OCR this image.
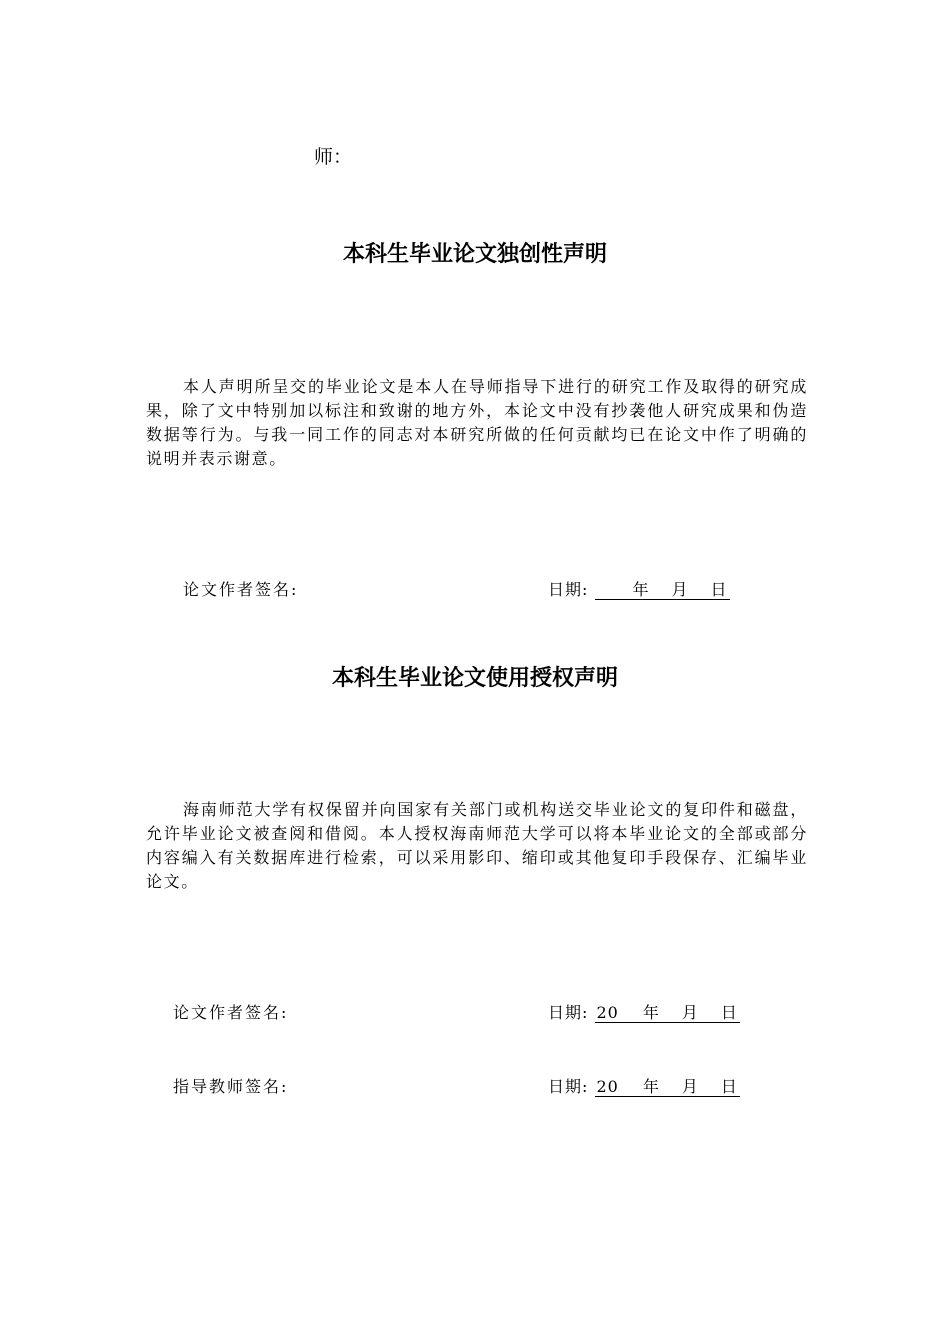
师：
本科生毕业论文独创性声明
本人声明所呈交的毕业论文是本人在导师指导下进行的研究工作及取得的研究成果，除了文中特别加以标注和致谢的地方外，本论文中没有抄袭他人研究成果和伪造数据等行为。与我一同工作的同志对本研究所做的任何贡献均已在论文中作了明确的说明并表示谢意。
论文作者签名:	日期:	年 月 日
本科生毕业论文使用授权声明
海南师范大学有权保留并向国家有关部门或机构送交毕业论文的复印件和磁盘，允许毕业论文被查阅和借阅。本人授权海南师范大学可以将本毕业论文的全部或部分内容编入有关数据库进行检索，可以采用影印、缩印或其他复印手段保存、汇编毕业论文。
论文作者签名:	日期: 20 年 月 日
指导教师签名:	日期: 20 年 月 日
